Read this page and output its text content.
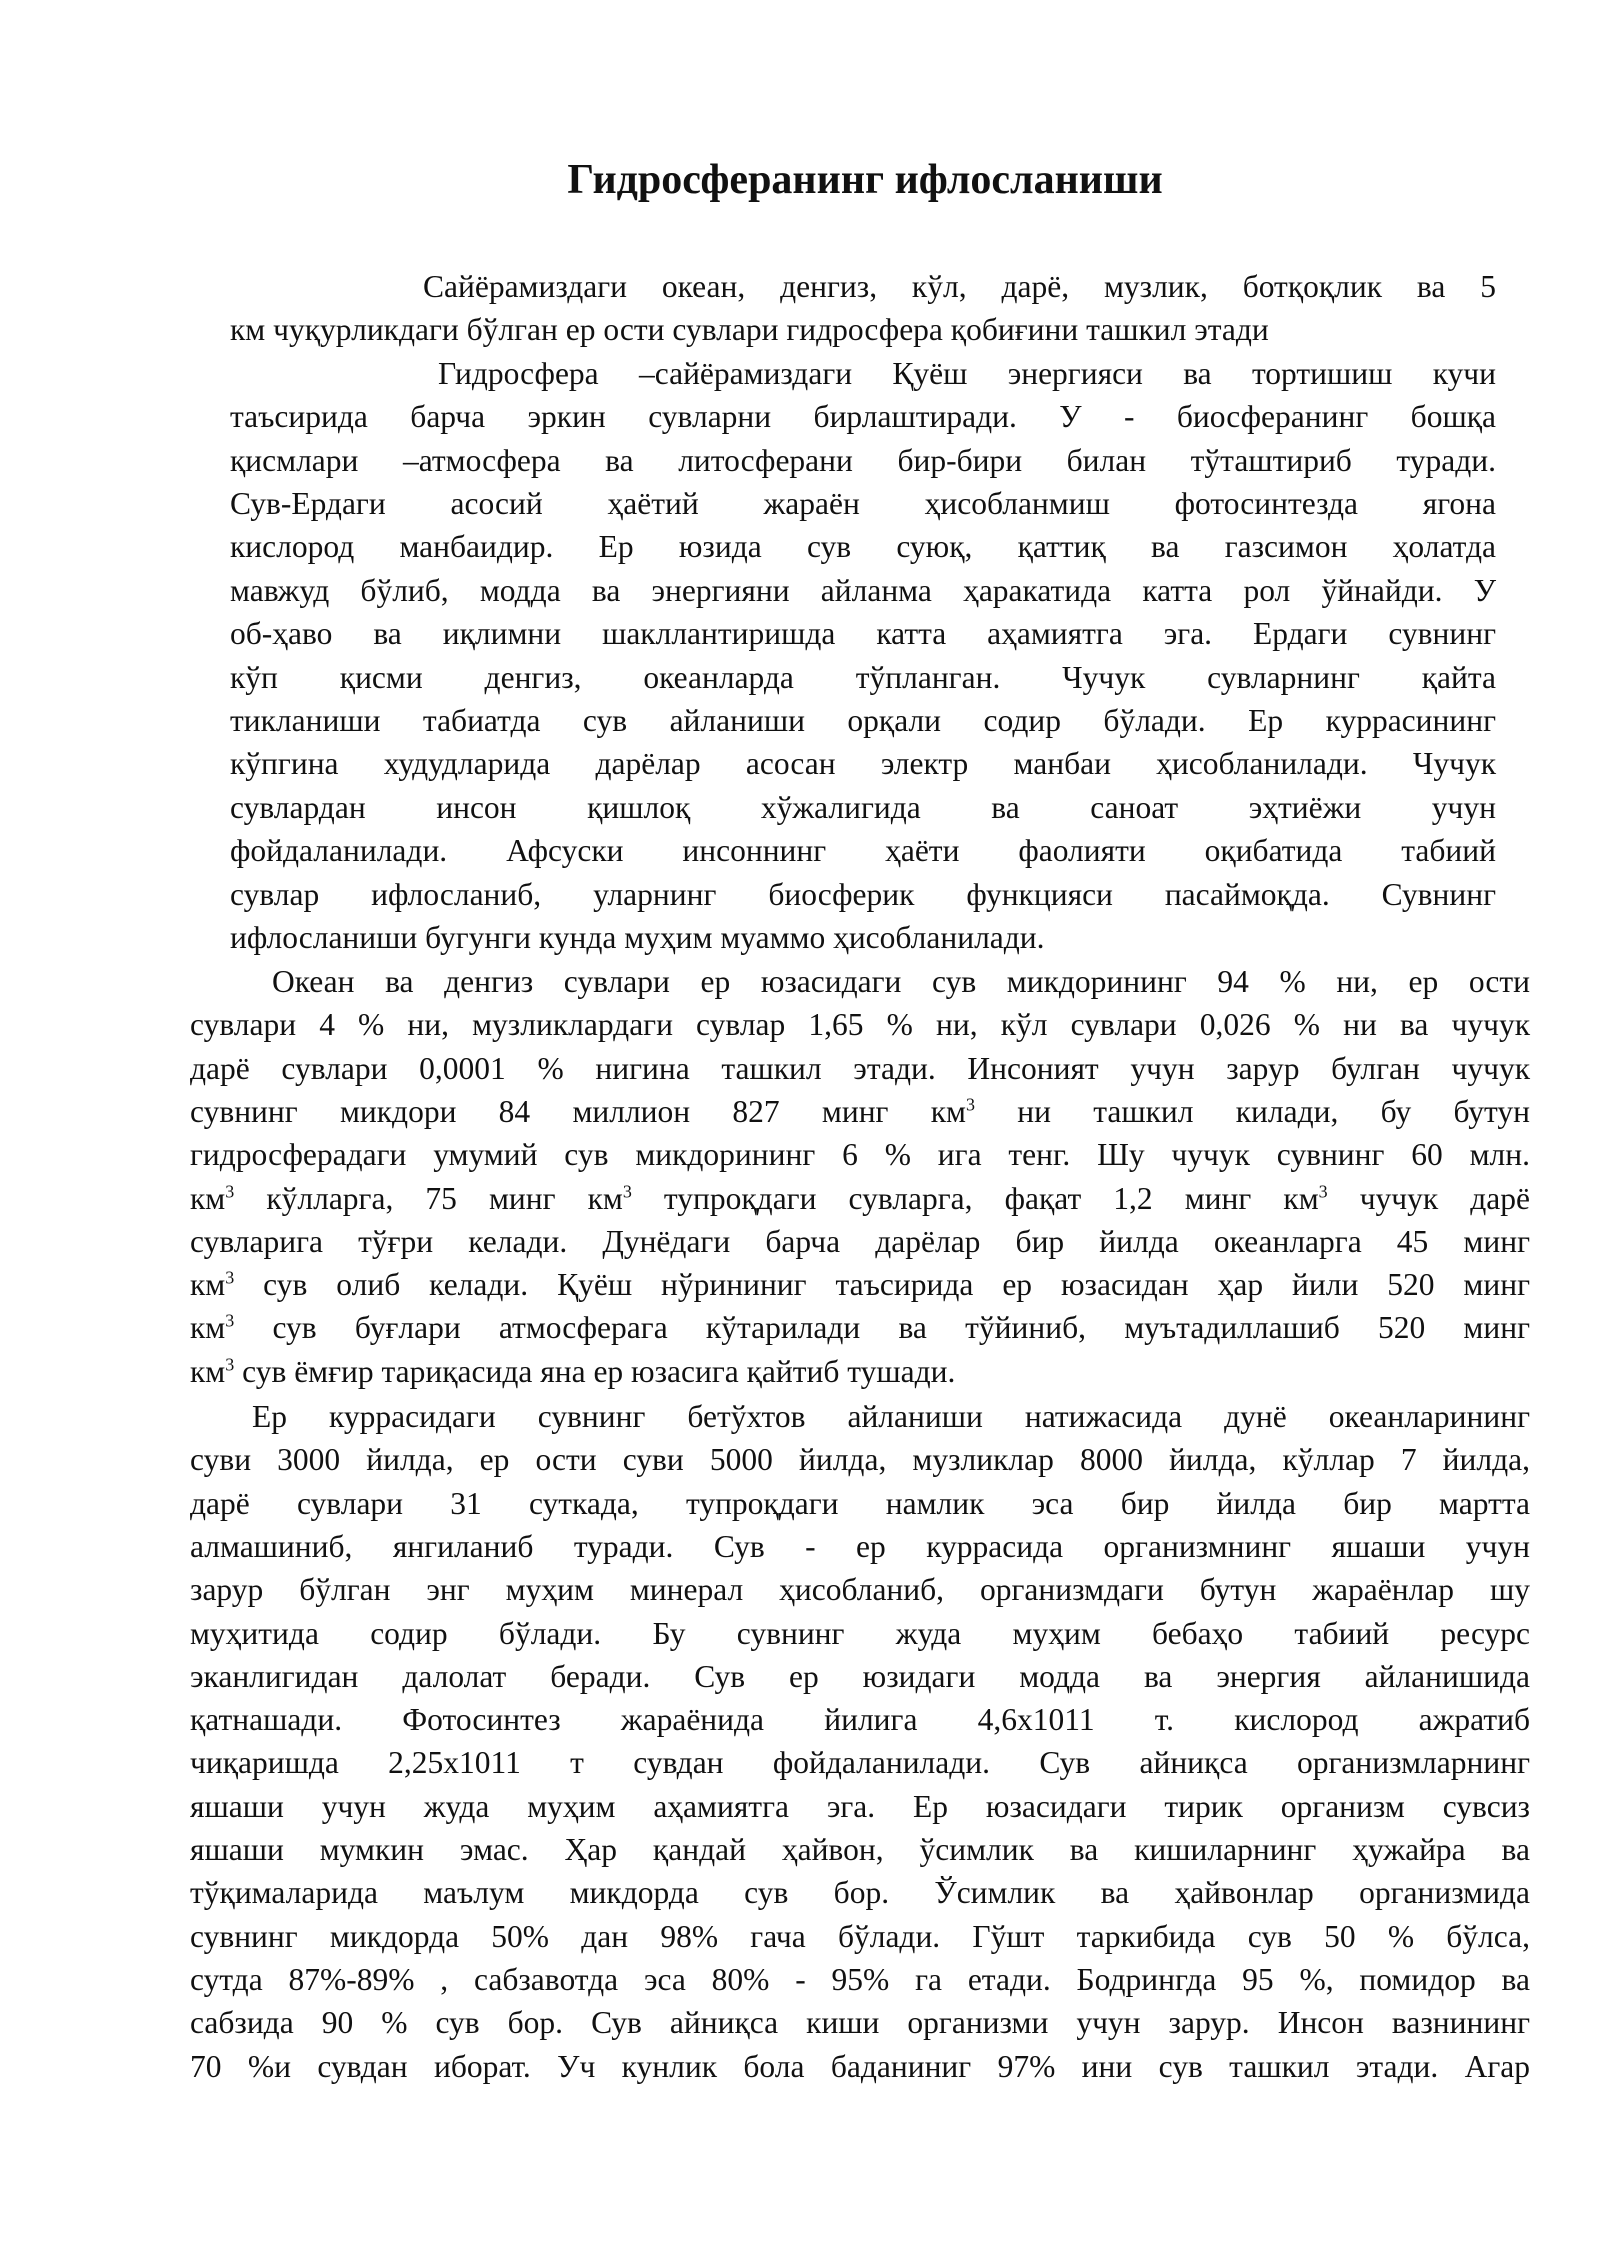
Гидросферанинг ифлосланиши
Сайёрамиздаги океан, денгиз, кўл, дарё, музлик, ботқоқлик ва 5
км чуқурликдаги бўлган ер ости сувлари гидросфера қобиғини ташкил этади
Гидросфера –сайёрамиздаги Қуёш энергияси ва тортишиш кучи
таъсирида барча эркин сувларни бирлаштиради. У - биосферанинг бошқа
қисмлари –атмосфера ва литосферани бир-бири билан тўташтириб туради.
Сув-Ердаги асосий ҳаётий жараён ҳисобланмиш фотосинтезда ягона
кислород манбаидир. Ер юзида сув суюқ, қаттиқ ва газсимон ҳолатда
мавжуд бўлиб, модда ва энергияни айланма ҳаракатида катта рол ўйнайди. У
об-ҳаво ва иқлимни шакллантиришда катта аҳамиятга эга. Ердаги сувнинг
кўп қисми денгиз, океанларда тўпланган. Чучук сувларнинг қайта
тикланиши табиатда сув айланиши орқали содир бўлади. Ер куррасининг
кўпгина худудларида дарёлар асосан электр манбаи ҳисобланилади. Чучук
сувлардан инсон қишлоқ хўжалигида ва саноат эҳтиёжи учун
фойдаланилади. Афсуски инсоннинг ҳаёти фаолияти оқибатида табиий
сувлар ифлосланиб, уларнинг биосферик функцияси пасаймоқда. Сувнинг
ифлосланиши бугунги кунда муҳим муаммо ҳисобланилади.
Океан ва денгиз сувлари ер юзасидаги сув микдорининг 94 % ни, ер ости
сувлари 4 % ни, музликлардаги сувлар 1,65 % ни, кўл сувлари 0,026 % ни ва чучук
дарё сувлари 0,0001 % нигина ташкил этади. Инсоният учун зарур булган чучук
сувнинг микдори 84 миллион 827 минг $км^3$ ни ташкил килади, бу бутун
гидросферадаги умумий сув микдорининг 6 % ига тенг. Шу чучук сувнинг 60 млн.
$км^3$ кўлларга, 75 минг $км^3$ тупроқдаги сувларга, фақат 1,2 минг $км^3$ чучук дарё
сувларига тўғри келади. Дунёдаги барча дарёлар бир йилда океанларга 45 минг
$км^3$ сув олиб келади. Қуёш нўрининиг таъсирида ер юзасидан ҳар йили 520 минг
$км^3$ сув буғлари атмосферага кўтарилади ва тўйиниб, муътадиллашиб 520 минг
$км^3$ сув ёмғир тариқасида яна ер юзасига қайтиб тушади.
Ер куррасидаги сувнинг бетўхтов айланиши натижасида дунё океанларининг
суви 3000 йилда, ер ости суви 5000 йилда, музликлар 8000 йилда, кўллар 7 йилда,
дарё сувлари 31 суткада, тупроқдаги намлик эса бир йилда бир мартта
алмашиниб, янгиланиб туради. Сув - ер куррасида организмнинг яшаши учун
зарур бўлган энг муҳим минерал ҳисобланиб, организмдаги бутун жараёнлар шу
муҳитида содир бўлади. Бу сувнинг жуда муҳим бебаҳо табиий ресурс
эканлигидан далолат беради. Сув ер юзидаги модда ва энергия айланишида
қатнашади. Фотосинтез жараёнида йилига 4,6х1011 т. кислород ажратиб
чиқаришда 2,25х1011 т сувдан фойдаланилади. Сув айниқса организмларнинг
яшаши учун жуда муҳим аҳамиятга эга. Ер юзасидаги тирик организм сувсиз
яшаши мумкин эмас. Ҳар қандай ҳайвон, ўсимлик ва кишиларнинг ҳужайра ва
тўқималарида маълум микдорда сув бор. Ўсимлик ва ҳайвонлар организмида
сувнинг микдорда 50% дан 98% гача бўлади. Гўшт таркибида сув 50 % бўлса,
сутда 87%-89% , сабзавотда эса 80% - 95% га етади. Бодрингда 95 %, помидор ва
сабзида 90 % сув бор. Сув айниқса киши организми учун зарур. Инсон вазнининг
70 %и сувдан иборат. Уч кунлик бола баданиниг 97% ини сув ташкил этади. Агар
